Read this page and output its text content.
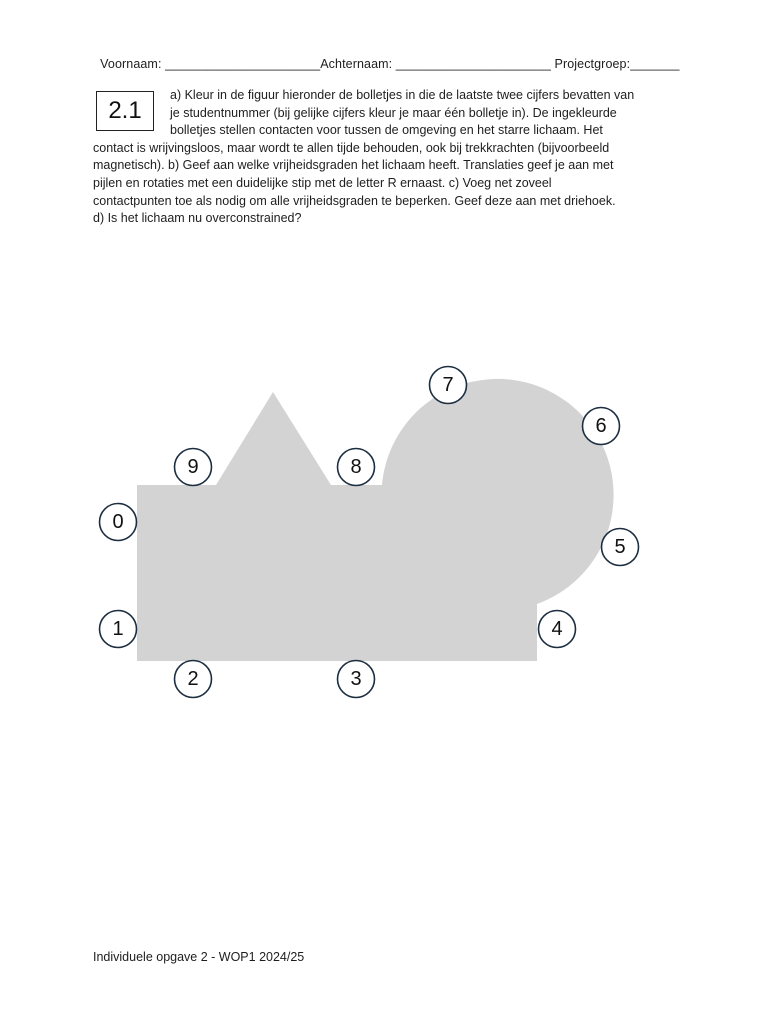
Voornaam: ______________________Achternaam: ______________________ Projectgroep:_______

2.1
a) Kleur in de figuur hieronder de bolletjes in die de laatste twee cijfers bevatten van
je studentnummer (bij gelijke cijfers kleur je maar één bolletje in). De ingekleurde
bolletjes stellen contacten voor tussen de omgeving en het starre lichaam. Het
contact is wrijvingsloos, maar wordt te allen tijde behouden, ook bij trekkrachten (bijvoorbeeld
magnetisch). b) Geef aan welke vrijheidsgraden het lichaam heeft. Translaties geef je aan met
pijlen en rotaties met een duidelijke stip met de letter R ernaast. c) Voeg net zoveel
contactpunten toe als nodig om alle vrijheidsgraden te beperken. Geef deze aan met driehoek.
d) Is het lichaam nu overconstrained?
0
1
2	3
4
5
6
7
8
9
Individuele opgave 2 - WOP1 2024/25
